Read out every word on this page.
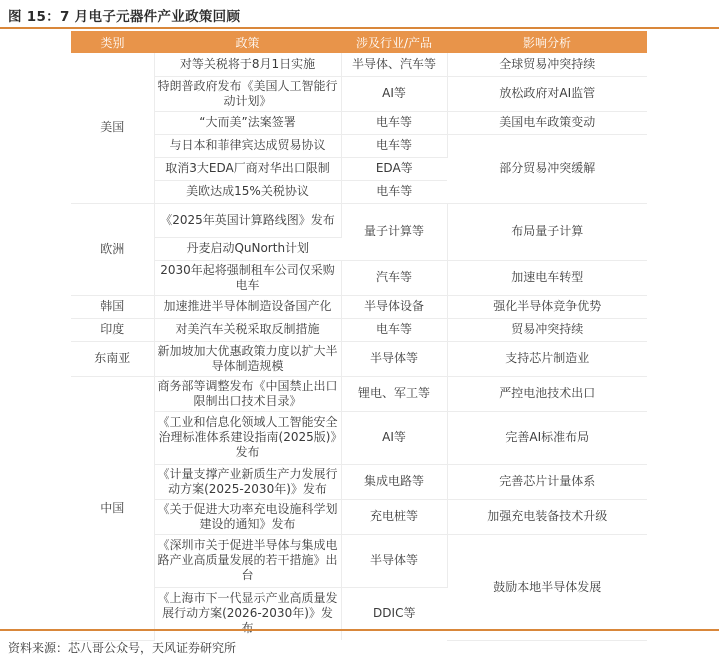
图 15：7 月电子元器件产业政策回顾
类别	政策	涉及行业/产品	影响分析
美国	对等关税将于8月1日实施	半导体、汽车等	全球贸易冲突持续
	特朗普政府发布《美国人工智能行动计划》	AI等	放松政府对AI监管
	“大而美”法案签署	电车等	美国电车政策变动
	与日本和菲律宾达成贸易协议	电车等	部分贸易冲突缓解
	取消3大EDA厂商对华出口限制	EDA等	
	美欧达成15%关税协议	电车等	
欧洲	《2025年英国计算路线图》发布	量子计算等	布局量子计算
	丹麦启动QuNorth计划		
	2030年起将强制租车公司仅采购电车	汽车等	加速电车转型
韩国	加速推进半导体制造设备国产化	半导体设备	强化半导体竞争优势
印度	对美汽车关税采取反制措施	电车等	贸易冲突持续
东南亚	新加坡加大优惠政策力度以扩大半导体制造规模	半导体等	支持芯片制造业
中国	商务部等调整发布《中国禁止出口限制出口技术目录》	锂电、军工等	严控电池技术出口
	《工业和信息化领域人工智能安全治理标准体系建设指南(2025版)》发布	AI等	完善AI标准布局
	《计量支撑产业新质生产力发展行动方案(2025-2030年)》发布	集成电路等	完善芯片计量体系
	《关于促进大功率充电设施科学划建设的通知》发布	充电桩等	加强充电装备技术升级
	《深圳市关于促进半导体与集成电路产业高质量发展的若干措施》出台	半导体等	鼓励本地半导体发展
	《上海市下一代显示产业高质量发展行动方案(2026-2030年)》发布	DDIC等	
资料来源：芯八哥公众号，天风证券研究所
